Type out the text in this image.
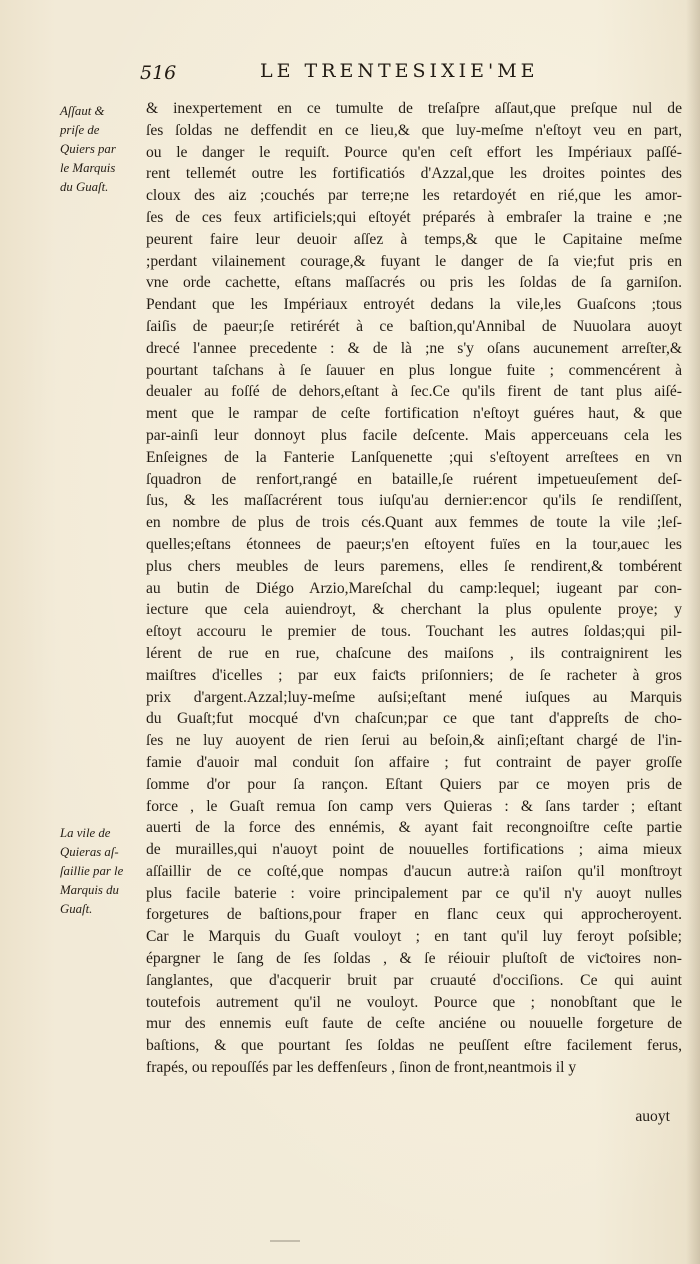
516	LE TRENTESIXIE'ME
Aſſaut &
priſe de
Quiers par
le Marquis
du Guaſt.
La vile de
Quieras aſ-
ſaillie par le
Marquis du
Guaſt.
& inexpertement en ce tumulte de treſaſpre aſſaut,que preſque nul de
ſes ſoldas ne deffendit en ce lieu,& que luy-meſme n'eſtoyt veu en part,
ou le danger le requiſt. Pource qu'en ceſt effort les Impériaux paſſé-
rent tellemét outre les fortificatiós d'Azzal,que les droites pointes des
cloux des aiz ;couchés par terre;ne les retardoyét en rié,que les amor-
ſes de ces feux artificiels;qui eſtoyét préparés à embraſer la traine e ;ne
peurent faire leur deuoir aſſez à temps,& que le Capitaine meſme
;perdant vilainement courage,& fuyant le danger de ſa vie;fut pris en
vne orde cachette, eſtans maſſacrés ou pris les ſoldas de ſa garniſon.
Pendant que les Impériaux entroyét dedans la vile,les Guaſcons ;tous
ſaiſis de paeur;ſe retirérét à ce baſtion,qu'Annibal de Nuuolara auoyt
drecé l'annee precedente : & de là ;ne s'y oſans aucunement arreſter,&
pourtant taſchans à ſe ſauuer en plus longue fuite ; commencérent à
deualer au foſſé de dehors,eſtant à ſec.Ce qu'ils firent de tant plus aiſé-
ment que le rampar de ceſte fortification n'eſtoyt guéres haut, & que
par-ainſi leur donnoyt plus facile deſcente. Mais apperceuans cela les
Enſeignes de la Fanterie Lanſquenette ;qui s'eſtoyent arreſtees en vn
ſquadron de renfort,rangé en bataille,ſe ruérent impetueuſement deſ-
ſus, & les maſſacrérent tous iuſqu'au dernier:encor qu'ils ſe rendiſſent,
en nombre de plus de trois cés.Quant aux femmes de toute la vile ;leſ-
quelles;eſtans étonnees de paeur;s'en eſtoyent fuïes en la tour,auec les
plus chers meubles de leurs paremens, elles ſe rendirent,& tombérent
au butin de Diégo Arzio,Mareſchal du camp:lequel; iugeant par con-
iecture que cela auiendroyt, & cherchant la plus opulente proye; y
eſtoyt accouru le premier de tous. Touchant les autres ſoldas;qui pil-
lérent de rue en rue, chaſcune des maiſons , ils contraignirent les
maiſtres d'icelles ; par eux faiƈts priſonniers; de ſe racheter à gros
prix d'argent.Azzal;luy-meſme auſsi;eſtant mené iuſques au Marquis
du Guaſt;fut mocqué d'vn chaſcun;par ce que tant d'appreſts de cho-
ſes ne luy auoyent de rien ſerui au beſoin,& ainſi;eſtant chargé de l'in-
famie d'auoir mal conduit ſon affaire ; fut contraint de payer groſſe
ſomme d'or pour ſa rançon. Eſtant Quiers par ce moyen pris de
force , le Guaſt remua ſon camp vers Quieras : & ſans tarder ; eſtant
auerti de la force des ennémis, & ayant fait recongnoiſtre ceſte partie
de murailles,qui n'auoyt point de nouuelles fortifications ; aima mieux
aſſaillir de ce coſté,que nompas d'aucun autre:à raiſon qu'il monſtroyt
plus facile baterie : voire principalement par ce qu'il n'y auoyt nulles
forgetures de baſtions,pour fraper en flanc ceux qui approcheroyent.
Car le Marquis du Guaſt vouloyt ; en tant qu'il luy feroyt poſsible;
épargner le ſang de ſes ſoldas , & ſe réiouir pluſtoſt de viƈtoires non-
ſanglantes, que d'acquerir bruit par cruauté d'occiſions. Ce qui auint
toutefois autrement qu'il ne vouloyt. Pource que ; nonobſtant que le
mur des ennemis euſt faute de ceſte anciéne ou nouuelle forgeture de
baſtions, & que pourtant ſes ſoldas ne peuſſent eſtre facilement ferus,
frapés, ou repouſſés par les deffenſeurs , ſinon de front,neantmois il y
auoyt
